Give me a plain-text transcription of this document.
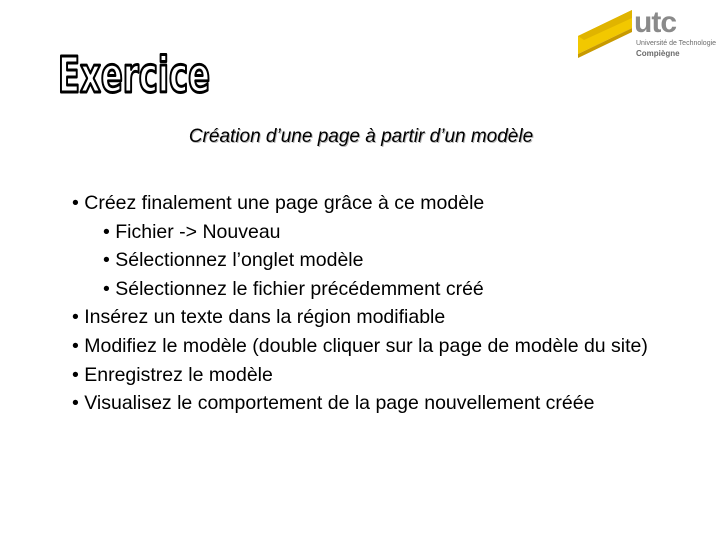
utc
Université de Technologie
Compiègne
Exercice
Création d’une page à partir d’un modèle
• Créez finalement une page grâce à ce modèle
• Fichier -> Nouveau
• Sélectionnez l’onglet modèle
• Sélectionnez le fichier précédemment créé
• Insérez un texte dans la région modifiable
• Modifiez le modèle (double cliquer sur la page de modèle du site)
• Enregistrez le modèle
• Visualisez le comportement de la page nouvellement créée
